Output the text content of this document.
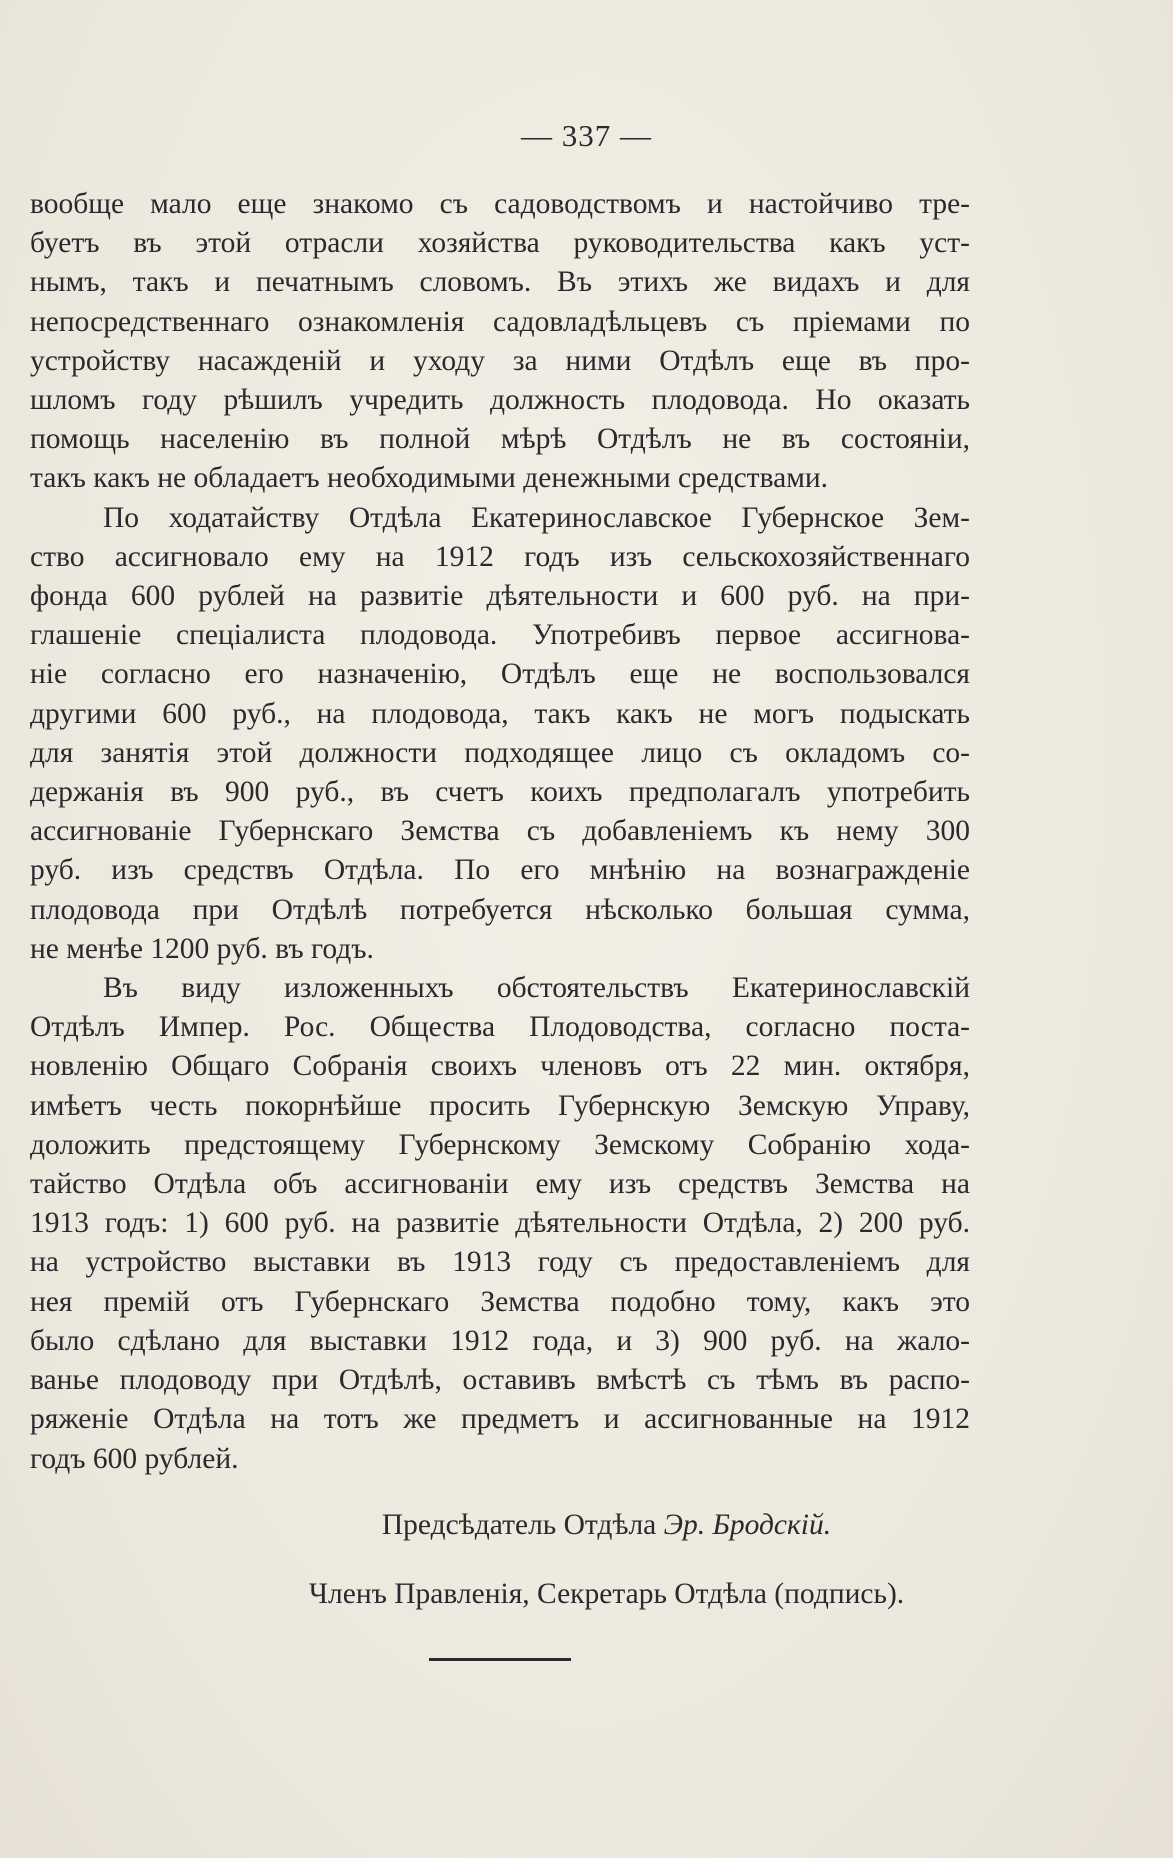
— 337 —

вообще мало еще знакомо съ садоводствомъ и настойчиво тре-
буетъ въ этой отрасли хозяйства руководительства какъ уст-
нымъ, такъ и печатнымъ словомъ. Въ этихъ же видахъ и для
непосредственнаго ознакомленія садовладѣльцевъ съ пріемами по
устройству насажденій и уходу за ними Отдѣлъ еще въ про-
шломъ году рѣшилъ учредить должность плодовода. Но оказать
помощь населенію въ полной мѣрѣ Отдѣлъ не въ состояніи,
такъ какъ не обладаетъ необходимыми денежными средствами.

По ходатайству Отдѣла Екатеринославское Губернское Зем-
ство ассигновало ему на 1912 годъ изъ сельскохозяйственнаго
фонда 600 рублей на развитіе дѣятельности и 600 руб. на при-
глашеніе спеціалиста плодовода. Употребивъ первое ассигнова-
ніе согласно его назначенію, Отдѣлъ еще не воспользовался
другими 600 руб., на плодовода, такъ какъ не могъ подыскать
для занятія этой должности подходящее лицо съ окладомъ со-
держанія въ 900 руб., въ счетъ коихъ предполагалъ употребить
ассигнованіе Губернскаго Земства съ добавленіемъ къ нему 300
руб. изъ средствъ Отдѣла. По его мнѣнію на вознагражденіе
плодовода при Отдѣлѣ потребуется нѣсколько большая сумма,
не менѣе 1200 руб. въ годъ.

Въ виду изложенныхъ обстоятельствъ Екатеринославскій
Отдѣлъ Импер. Рос. Общества Плодоводства, согласно поста-
новленію Общаго Собранія своихъ членовъ отъ 22 мин. октября,
имѣетъ честь покорнѣйше просить Губернскую Земскую Управу,
доложить предстоящему Губернскому Земскому Собранію хода-
тайство Отдѣла объ ассигнованіи ему изъ средствъ Земства на
1913 годъ: 1) 600 руб. на развитіе дѣятельности Отдѣла, 2) 200 руб.
на устройство выставки въ 1913 году съ предоставленіемъ для
нея премій отъ Губернскаго Земства подобно тому, какъ это
было сдѣлано для выставки 1912 года, и 3) 900 руб. на жало-
ванье плодоводу при Отдѣлѣ, оставивъ вмѣстѣ съ тѣмъ въ распо-
ряженіе Отдѣла на тотъ же предметъ и ассигнованные на 1912
годъ 600 рублей.

Предсѣдатель Отдѣла Эр. Бродскій.
Членъ Правленія, Секретарь Отдѣла (подпись).
